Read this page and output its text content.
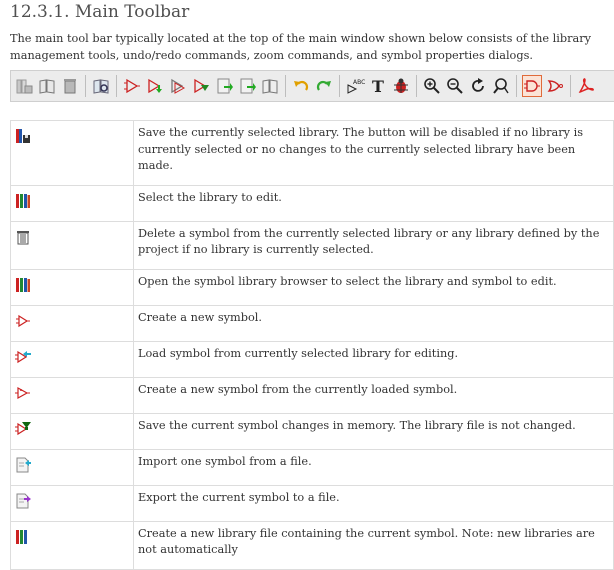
12.3.1. Main Toolbar

The main tool bar typically located at the top of the main window shown below consists of the library management tools, undo/redo commands, zoom commands, and symbol properties dialogs.

ABC T
	Save the currently selected library. The button will be disabled if no library is currently selected or no changes to the currently selected library have been made.

	Select the library to edit.

	Delete a symbol from the currently selected library or any library defined by the project if no library is currently selected.

	Open the symbol library browser to select the library and symbol to edit.

	Create a new symbol.

	Load symbol from currently selected library for editing.

	Create a new symbol from the currently loaded symbol.

	Save the current symbol changes in memory. The library file is not changed.

	Import one symbol from a file.

	Export the current symbol to a file.

	Create a new library file containing the current symbol. Note: new libraries are not automatically
